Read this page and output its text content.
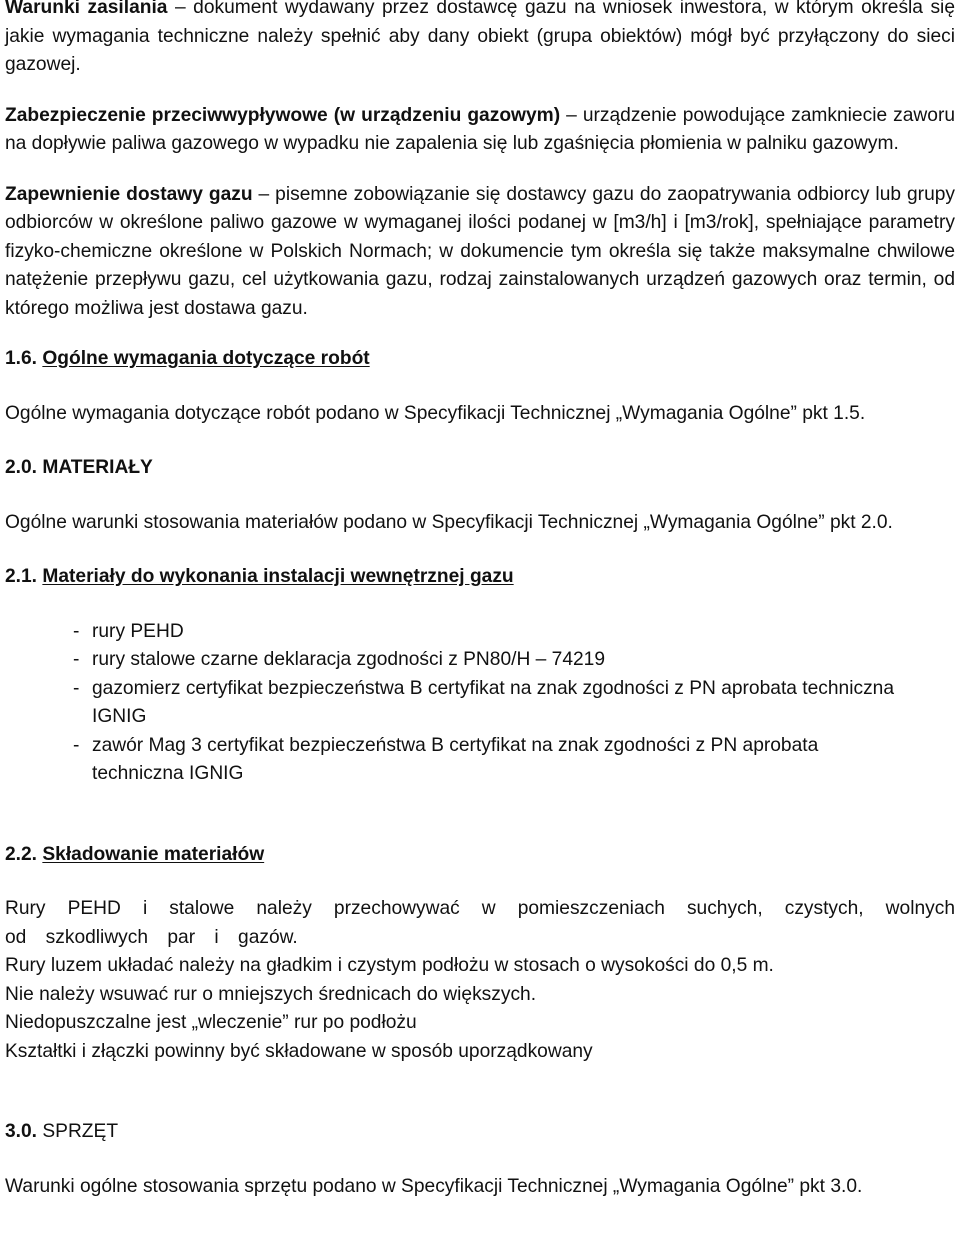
Warunki zasilania – dokument wydawany przez dostawcę gazu na wniosek inwestora, w którym określa się jakie wymagania techniczne należy spełnić aby dany obiekt (grupa obiektów) mógł być przyłączony do sieci gazowej.

Zabezpieczenie przeciwwypływowe (w urządzeniu gazowym) – urządzenie powodujące zamkniecie zaworu na dopływie paliwa gazowego w wypadku nie zapalenia się lub zgaśnięcia płomienia w palniku gazowym.

Zapewnienie dostawy gazu – pisemne zobowiązanie się dostawcy gazu do zaopatrywania odbiorcy lub grupy odbiorców w określone paliwo gazowe w wymaganej ilości podanej w [m3/h] i [m3/rok], spełniające parametry fizyko-chemiczne określone w Polskich Normach; w dokumencie tym określa się także maksymalne chwilowe natężenie przepływu gazu, cel użytkowania gazu, rodzaj zainstalowanych urządzeń gazowych oraz termin, od którego możliwa jest dostawa gazu.

1.6. Ogólne wymagania dotyczące robót

Ogólne wymagania dotyczące robót podano w Specyfikacji Technicznej „Wymagania Ogólne” pkt 1.5.

2.0. MATERIAŁY

Ogólne warunki stosowania materiałów podano w Specyfikacji Technicznej „Wymagania Ogólne” pkt 2.0.

2.1. Materiały do wykonania instalacji wewnętrznej gazu

- rury PEHD
- rury stalowe czarne deklaracja zgodności z PN80/H – 74219
- gazomierz certyfikat bezpieczeństwa B certyfikat na znak zgodności z PN aprobata techniczna
IGNIG
- zawór Mag 3 certyfikat bezpieczeństwa B certyfikat na znak zgodności z PN aprobata
techniczna IGNIG

2.2. Składowanie materiałów

Rury PEHD i stalowe należy przechowywać w pomieszczeniach suchych, czystych, wolnych od szkodliwych par i gazów.

Rury luzem układać należy na gładkim i czystym podłożu w stosach o wysokości do 0,5 m.

Nie należy wsuwać rur o mniejszych średnicach do większych.

Niedopuszczalne jest „wleczenie” rur po podłożu

Kształtki i złączki powinny być składowane w sposób uporządkowany

3.0. SPRZĘT

Warunki ogólne stosowania sprzętu podano w Specyfikacji Technicznej „Wymagania Ogólne” pkt 3.0.
